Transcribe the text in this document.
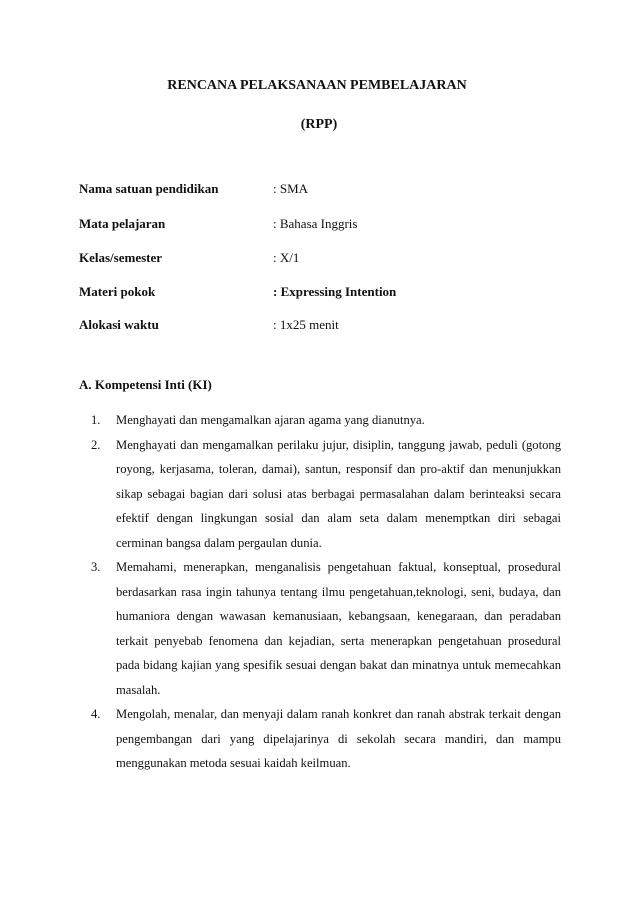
RENCANA PELAKSANAAN PEMBELAJARAN
(RPP)
Nama satuan pendidikan	: SMA
Mata pelajaran	: Bahasa Inggris
Kelas/semester	: X/1
Materi pokok	: Expressing Intention
Alokasi waktu	: 1x25 menit
A. Kompetensi Inti (KI)
1. Menghayati dan mengamalkan ajaran agama yang dianutnya.
2. Menghayati dan mengamalkan perilaku jujur, disiplin, tanggung jawab, peduli (gotong royong, kerjasama, toleran, damai), santun, responsif dan pro-aktif dan menunjukkan sikap sebagai bagian dari solusi atas berbagai permasalahan dalam berinteaksi secara efektif dengan lingkungan sosial dan alam seta dalam menemptkan diri sebagai cerminan bangsa dalam pergaulan dunia.
3. Memahami, menerapkan, menganalisis pengetahuan faktual, konseptual, prosedural berdasarkan rasa ingin tahunya tentang ilmu pengetahuan,teknologi, seni, budaya, dan humaniora dengan wawasan kemanusiaan, kebangsaan, kenegaraan, dan peradaban terkait penyebab fenomena dan kejadian, serta menerapkan pengetahuan prosedural pada bidang kajian yang spesifik sesuai dengan bakat dan minatnya untuk memecahkan masalah.
4. Mengolah, menalar, dan menyaji dalam ranah konkret dan ranah abstrak terkait dengan pengembangan dari yang dipelajarinya di sekolah secara mandiri, dan mampu menggunakan metoda sesuai kaidah keilmuan.
